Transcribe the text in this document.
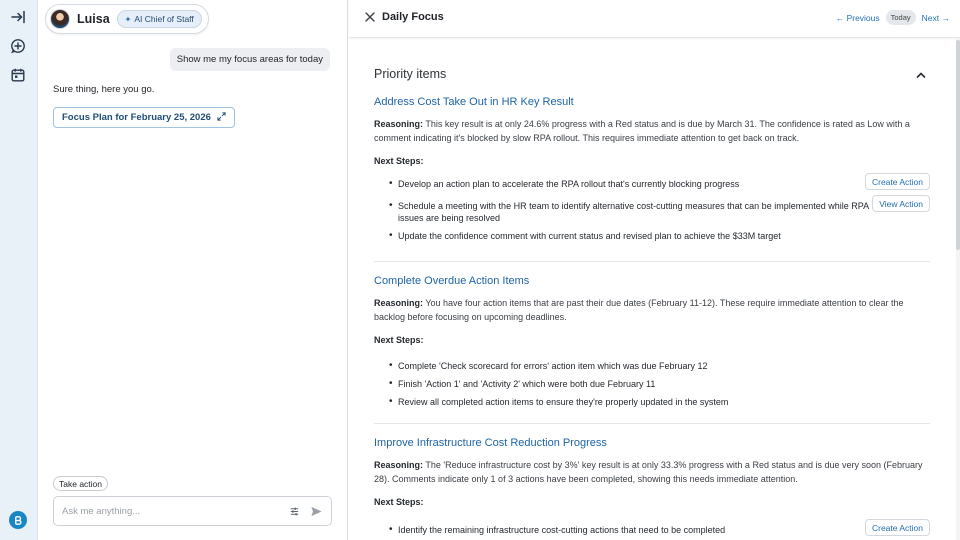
Luisa ✦ AI Chief of Staff
Show me my focus areas for today
Sure thing, here you go.
Focus Plan for February 25, 2026
Take action
Ask me anything...
Daily Focus	← Previous	Today	Next →
Priority items
Address Cost Take Out in HR Key Result
Reasoning: This key result is at only 24.6% progress with a Red status and is due by March 31. The confidence is rated as Low with a comment indicating it's blocked by slow RPA rollout. This requires immediate attention to get back on track.
Next Steps:
• Develop an action plan to accelerate the RPA rollout that's currently blocking progress	Create Action
• Schedule a meeting with the HR team to identify alternative cost-cutting measures that can be implemented while RPA issues are being resolved
View Action
• Update the confidence comment with current status and revised plan to achieve the $33M target
Complete Overdue Action Items
Reasoning: You have four action items that are past their due dates (February 11-12). These require immediate attention to clear the backlog before focusing on upcoming deadlines.
Next Steps:
• Complete 'Check scorecard for errors' action item which was due February 12
• Finish 'Action 1' and 'Activity 2' which were both due February 11
• Review all completed action items to ensure they're properly updated in the system
Improve Infrastructure Cost Reduction Progress
Reasoning: The 'Reduce infrastructure cost by 3%' key result is at only 33.3% progress with a Red status and is due very soon (February 28). Comments indicate only 1 of 3 actions have been completed, showing this needs immediate attention.
Next Steps:
• Identify the remaining infrastructure cost-cutting actions that need to be completed	Create Action
